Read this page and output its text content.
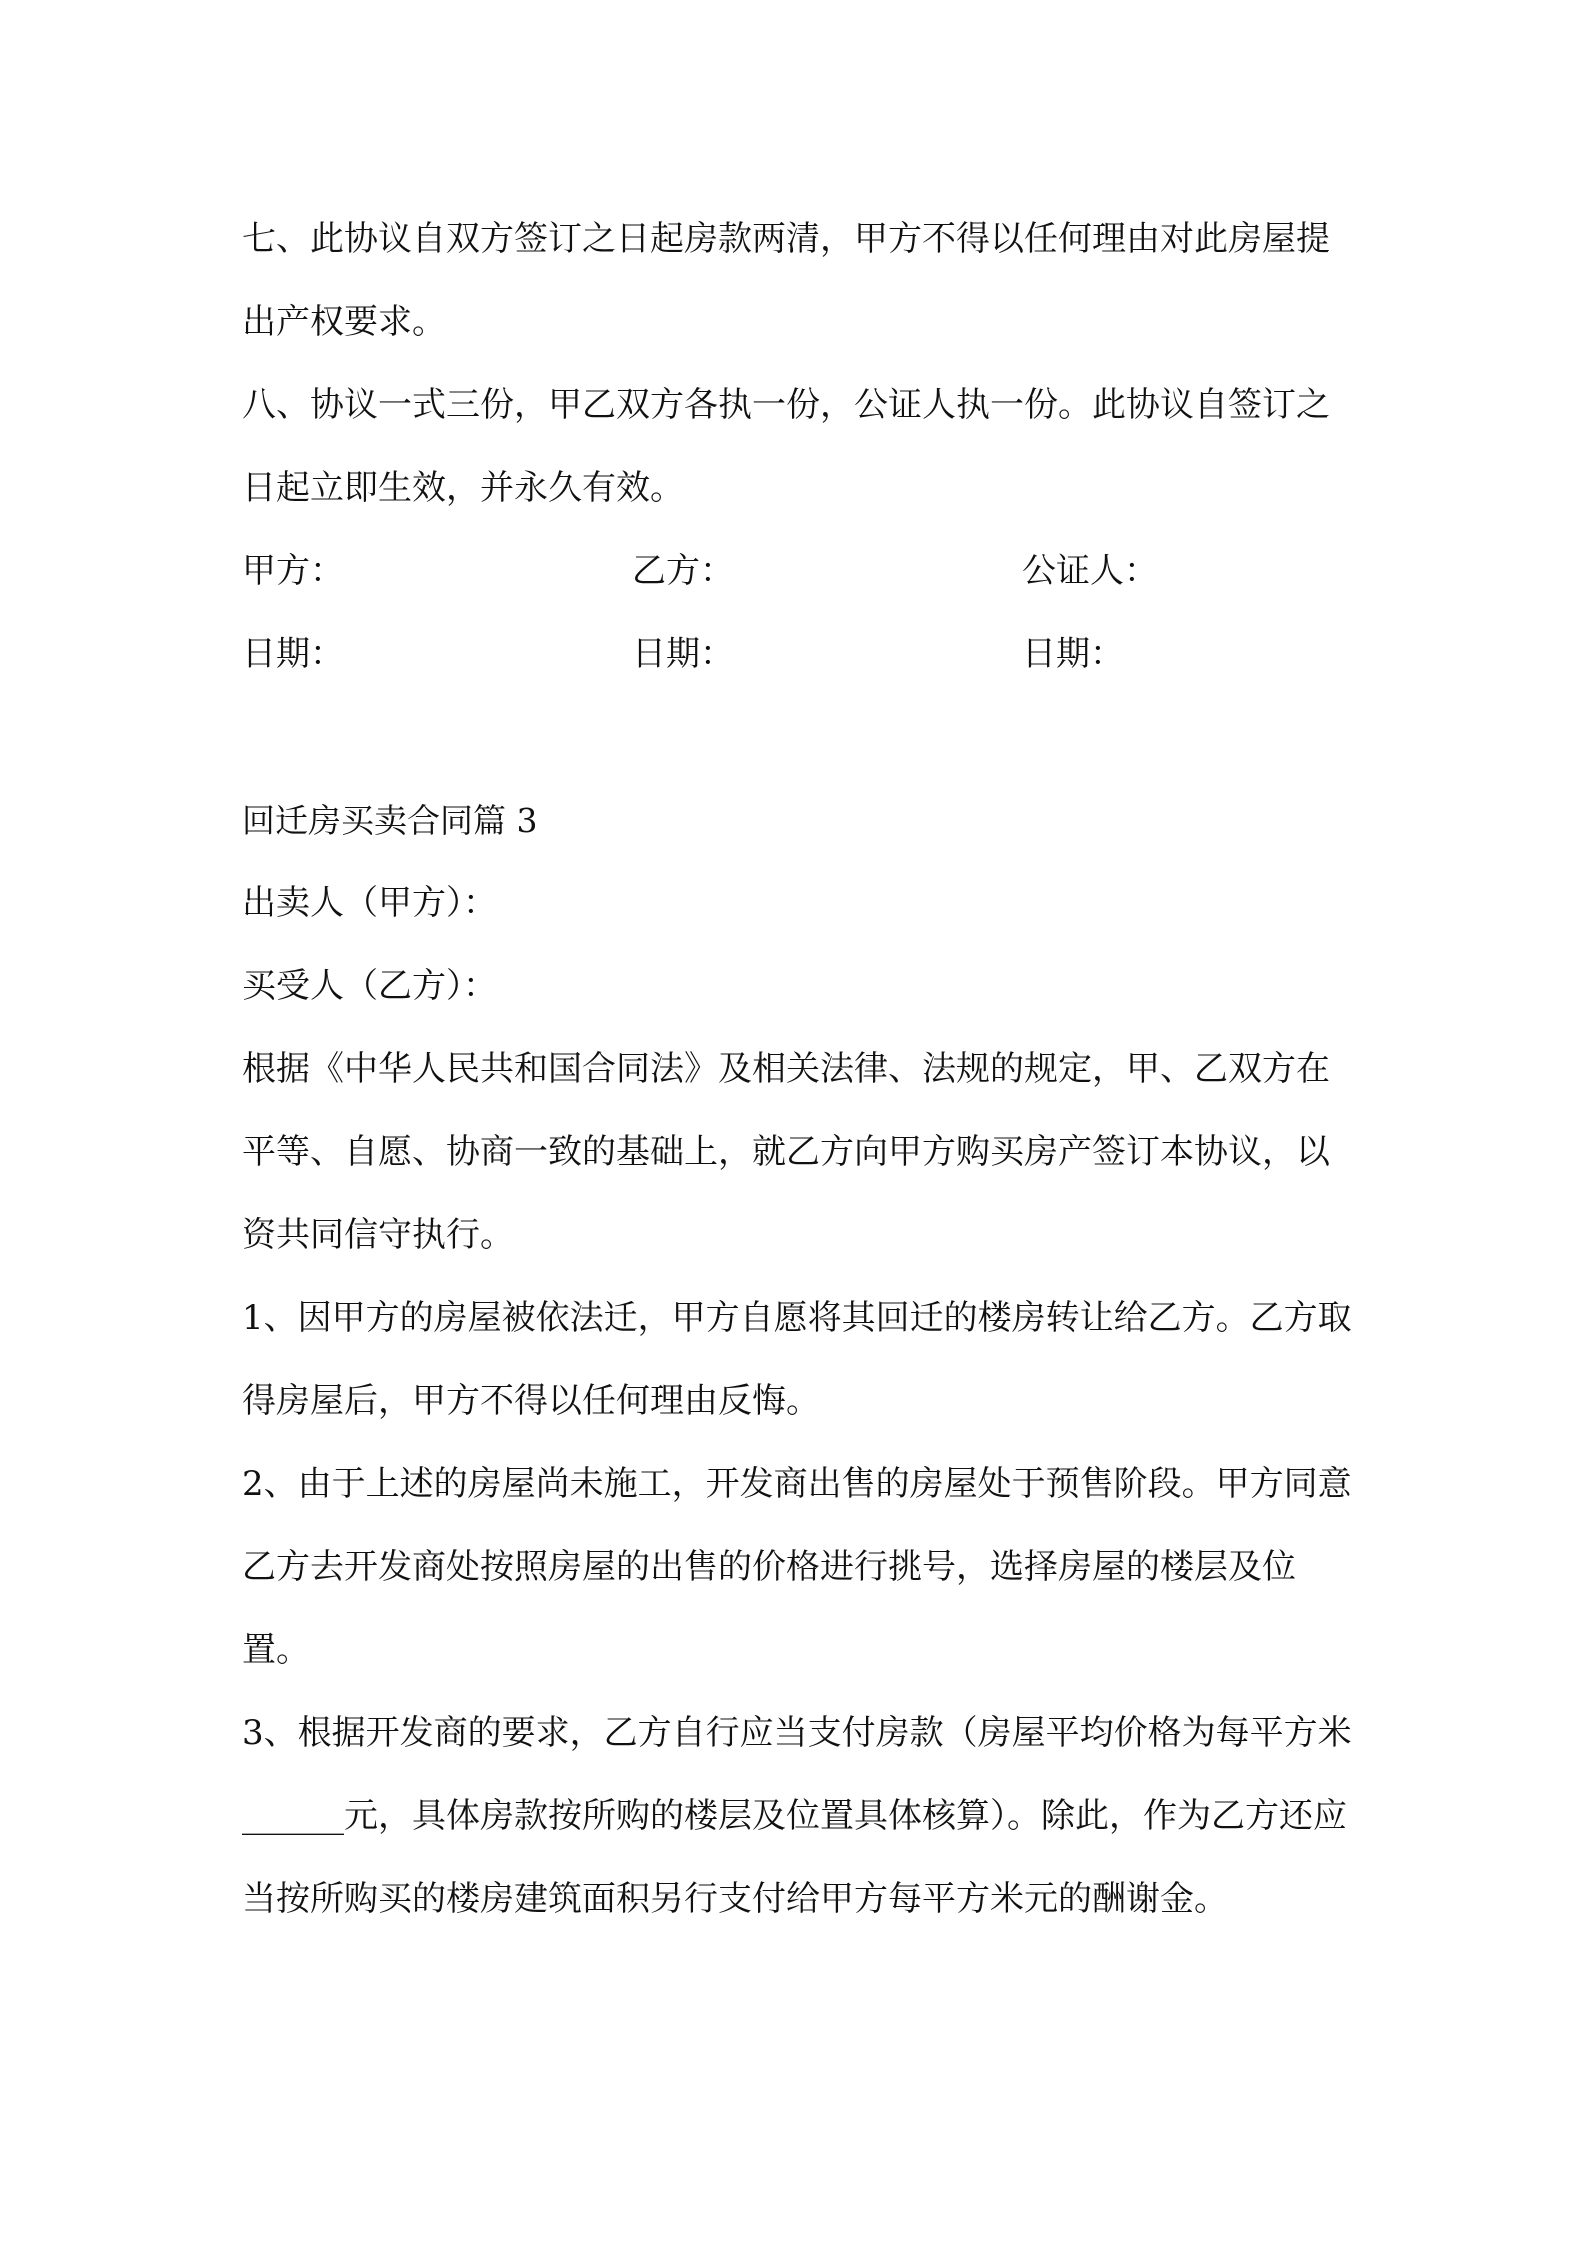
七、此协议自双方签订之日起房款两清，甲方不得以任何理由对此房屋提出产权要求。

八、协议一式三份，甲乙双方各执一份，公证人执一份。此协议自签订之日起立即生效，并永久有效。

甲方：	乙方：	公证人：
日期：	日期：	日期：

回迁房买卖合同篇 3

出卖人（甲方）：

买受人（乙方）：

根据《中华人民共和国合同法》及相关法律、法规的规定，甲、乙双方在平等、自愿、协商一致的基础上，就乙方向甲方购买房产签订本协议，以资共同信守执行。

1、因甲方的房屋被依法迁，甲方自愿将其回迁的楼房转让给乙方。乙方取得房屋后，甲方不得以任何理由反悔。

2、由于上述的房屋尚未施工，开发商出售的房屋处于预售阶段。甲方同意乙方去开发商处按照房屋的出售的价格进行挑号，选择房屋的楼层及位置。

3、根据开发商的要求，乙方自行应当支付房款（房屋平均价格为每平方米______元，具体房款按所购的楼层及位置具体核算）。除此，作为乙方还应当按所购买的楼房建筑面积另行支付给甲方每平方米元的酬谢金。
